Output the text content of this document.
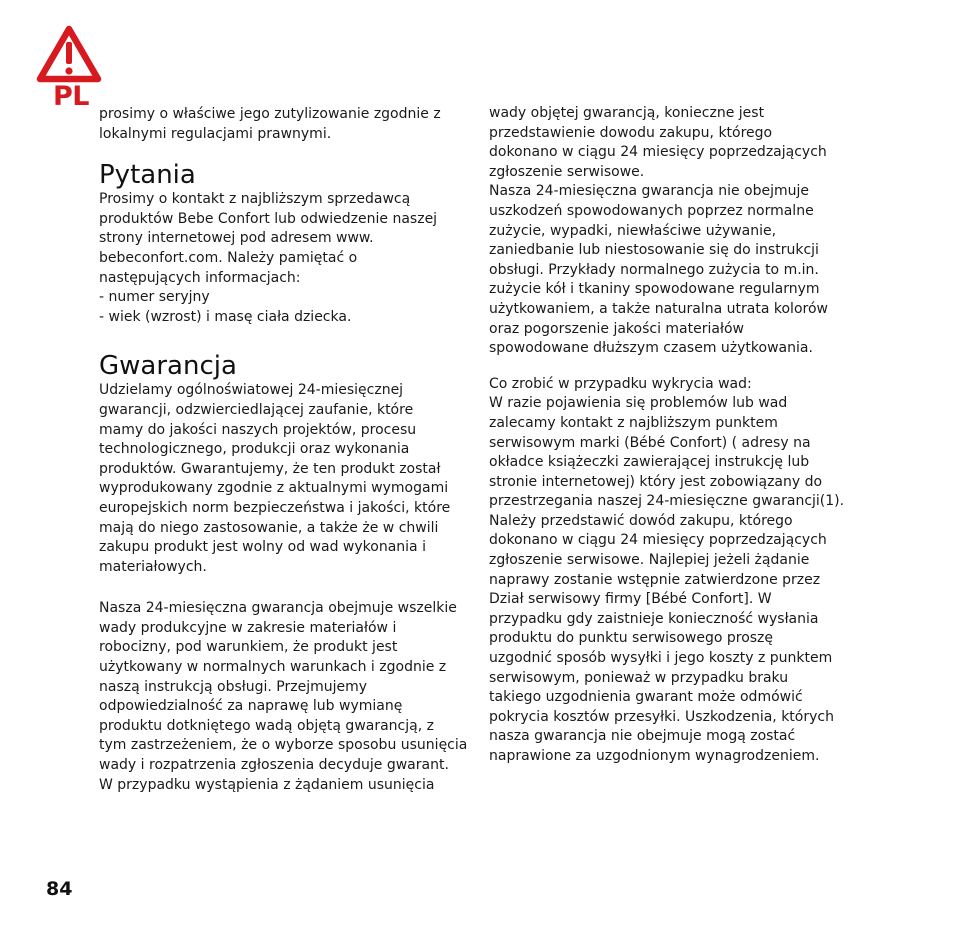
PL

prosimy o właściwe jego zutylizowanie zgodnie z
lokalnymi regulacjami prawnymi.

Pytania

Prosimy o kontakt z najbliższym sprzedawcą
produktów Bebe Confort lub odwiedzenie naszej
strony internetowej pod adresem www.
bebeconfort.com. Należy pamiętać o
następujących informacjach:
- numer seryjny
- wiek (wzrost) i masę ciała dziecka.

Gwarancja

Udzielamy ogólnoświatowej 24-miesięcznej
gwarancji, odzwierciedlającej zaufanie, które
mamy do jakości naszych projektów, procesu
technologicznego, produkcji oraz wykonania
produktów. Gwarantujemy, że ten produkt został
wyprodukowany zgodnie z aktualnymi wymogami
europejskich norm bezpieczeństwa i jakości, które
mają do niego zastosowanie, a także że w chwili
zakupu produkt jest wolny od wad wykonania i
materiałowych.

Nasza 24-miesięczna gwarancja obejmuje wszelkie
wady produkcyjne w zakresie materiałów i
robocizny, pod warunkiem, że produkt jest
użytkowany w normalnych warunkach i zgodnie z
naszą instrukcją obsługi. Przejmujemy
odpowiedzialność za naprawę lub wymianę
produktu dotkniętego wadą objętą gwarancją, z
tym zastrzeżeniem, że o wyborze sposobu usunięcia
wady i rozpatrzenia zgłoszenia decyduje gwarant.
W przypadku wystąpienia z żądaniem usunięcia

wady objętej gwarancją, konieczne jest
przedstawienie dowodu zakupu, którego
dokonano w ciągu 24 miesięcy poprzedzających
zgłoszenie serwisowe.

Nasza 24-miesięczna gwarancja nie obejmuje
uszkodzeń spowodowanych poprzez normalne
zużycie, wypadki, niewłaściwe używanie,
zaniedbanie lub niestosowanie się do instrukcji
obsługi. Przykłady normalnego zużycia to m.in.
zużycie kół i tkaniny spowodowane regularnym
użytkowaniem, a także naturalna utrata kolorów
oraz pogorszenie jakości materiałów
spowodowane dłuższym czasem użytkowania.

Co zrobić w przypadku wykrycia wad:
W razie pojawienia się problemów lub wad
zalecamy kontakt z najbliższym punktem
serwisowym marki (Bébé Confort) ( adresy na
okładce książeczki zawierającej instrukcję lub
stronie internetowej) który jest zobowiązany do
przestrzegania naszej 24-miesięczne gwarancji(1).
Należy przedstawić dowód zakupu, którego
dokonano w ciągu 24 miesięcy poprzedzających
zgłoszenie serwisowe. Najlepiej jeżeli żądanie
naprawy zostanie wstępnie zatwierdzone przez
Dział serwisowy firmy [Bébé Confort]. W
przypadku gdy zaistnieje konieczność wysłania
produktu do punktu serwisowego proszę
uzgodnić sposób wysyłki i jego koszty z punktem
serwisowym, ponieważ w przypadku braku
takiego uzgodnienia gwarant może odmówić
pokrycia kosztów przesyłki. Uszkodzenia, których
nasza gwarancja nie obejmuje mogą zostać
naprawione za uzgodnionym wynagrodzeniem.

84
